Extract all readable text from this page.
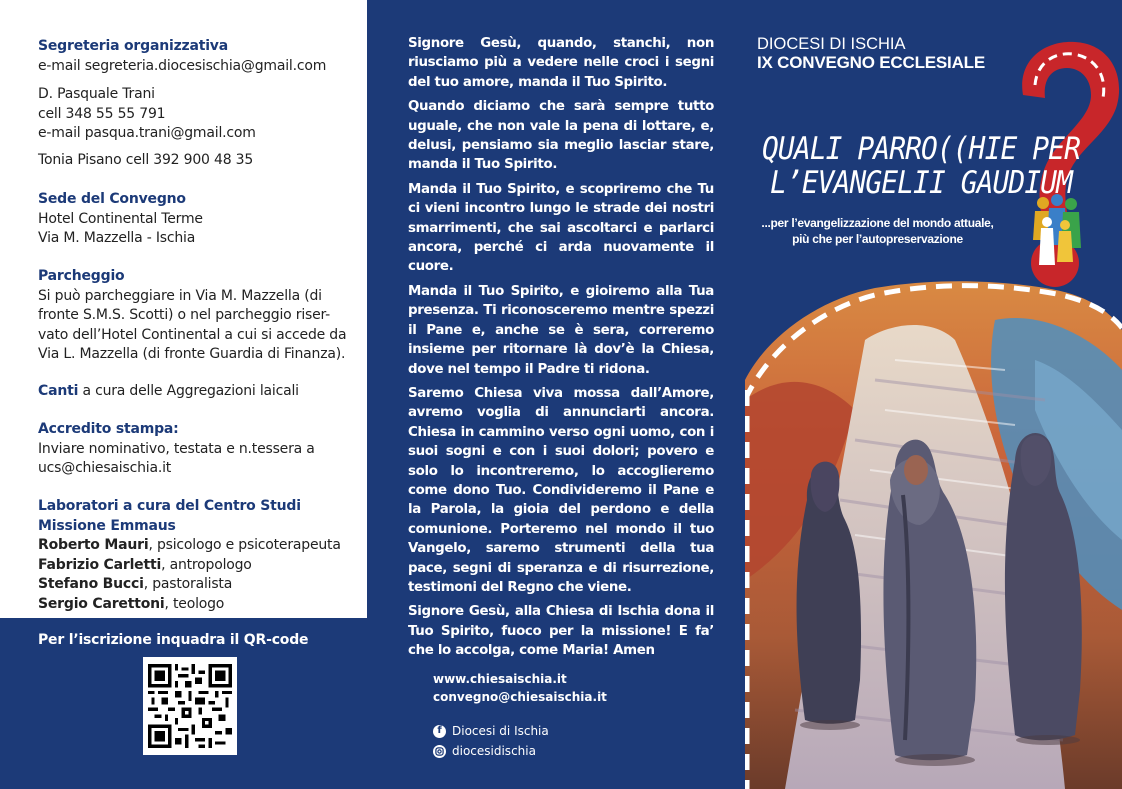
Segreteria organizzativa
e-mail segreteria.diocesischia@gmail.com
D. Pasquale Trani
cell 348 55 55 791
e-mail pasqua.trani@gmail.com
Tonia Pisano cell 392 900 48 35
Sede del Convegno
Hotel Continental Terme
Via M. Mazzella - Ischia
Parcheggio
Si può parcheggiare in Via M. Mazzella (di
fronte S.M.S. Scotti) o nel parcheggio riser-
vato dell’Hotel Continental a cui si accede da
Via L. Mazzella (di fronte Guardia di Finanza).
Canti a cura delle Aggregazioni laicali
Accredito stampa:
Inviare nominativo, testata e n.tessera a
ucs@chiesaischia.it
Laboratori a cura del Centro Studi
Missione Emmaus
Roberto Mauri, psicologo e psicoterapeuta
Fabrizio Carletti, antropologo
Stefano Bucci, pastoralista
Sergio Carettoni, teologo
Per l’iscrizione inquadra il QR-code

Signore Gesù, quando, stanchi, non riusciamo più a vedere nelle croci i segni del tuo amore, manda il Tuo Spirito.

Quando diciamo che sarà sempre tutto uguale, che non vale la pena di lottare, e, delusi, pensiamo sia meglio lasciar stare, manda il Tuo Spirito.

Manda il Tuo Spirito, e scopriremo che Tu ci vieni incontro lungo le strade dei nostri smarrimenti, che sai ascoltarci e parlarci ancora, perché ci arda nuovamente il cuore.

Manda il Tuo Spirito, e gioiremo alla Tua presenza. Ti riconosceremo mentre spezzi il Pane e, anche se è sera, correremo insieme per ritornare là dov’è la Chiesa, dove nel tempo il Padre ti ridona.

Saremo Chiesa viva mossa dall’Amore, avremo voglia di annunciarti ancora. Chiesa in cammino verso ogni uomo, con i suoi sogni e con i suoi dolori; povero e solo lo incontreremo, lo accoglieremo come dono Tuo. Condivideremo il Pane e la Parola, la gioia del perdono e della comunione. Porteremo nel mondo il tuo Vangelo, saremo strumenti della tua pace, segni di speranza e di risurrezione, testimoni del Regno che viene.

Signore Gesù, alla Chiesa di Ischia dona il Tuo Spirito, fuoco per la missione! E fa’ che lo accolga, come Maria! Amen

www.chiesaischia.it
convegno@chiesaischia.it
f Diocesi di Ischia
diocesidischia
DIOCESI DI ISCHIA
IX CONVEGNO ECCLESIALE
QUALI PARRO((HIE PER
L’EVANGELII GAUDIUM
...per l’evangelizzazione del mondo attuale,
più che per l’autopreservazione
